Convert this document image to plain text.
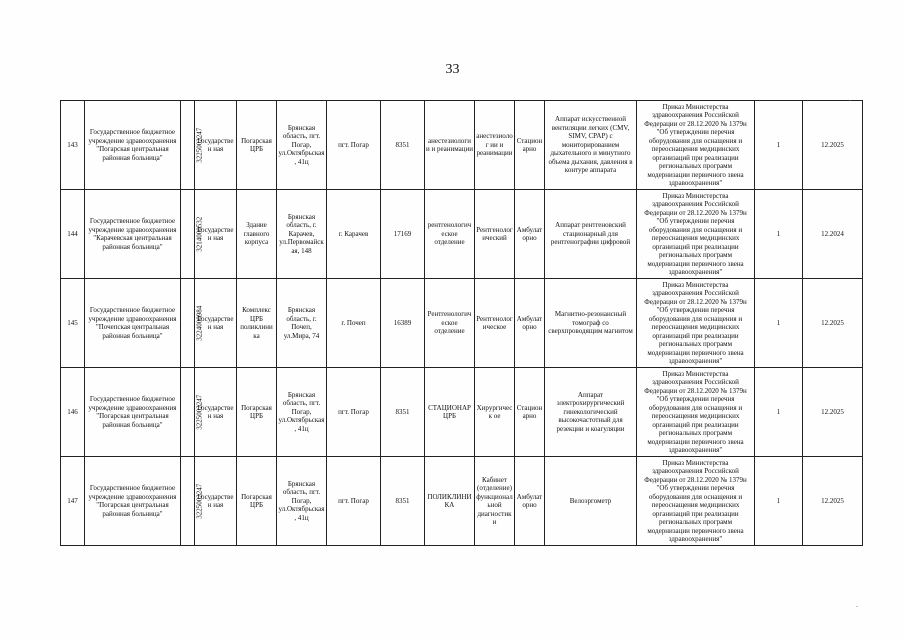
33
143	Государственное бюджетное учреждение здравоохранения "Погарская центральная районная больница"	3225002247	Государствен ная	Погарская ЦРБ	Брянская область, пгт. Погар, ул.Октябрьская , 41ц	пгт. Погар	8351	анестезиологи и и реанимации	анестезиолог ии и реанимации	Стацион арно	Аппарат искусственной вентиляции легких (CMV, SIMV, CPAP) с мониторированием дыхательного и минутного объема дыхания, давления в контуре аппарата	Приказ Министерства здравоохранения Российской Федерации от 28.12.2020 № 1379н "Об утверждении перечня оборудования для оснащения и переоснащения медицинских организаций при реализации региональных программ модернизации первичного звена здравоохранения"	1	12.2025
144	Государственное бюджетное учреждение здравоохранения "Карачевская центральная районная больница"	3214000532	Государствен ная	Здание главного корпуса	Брянская область, г. Карачев, ул.Первомайск ая, 148	г. Карачев	17169	рентгенологич еское отделение	Рентгенолог ический	Амбулат орно	Аппарат рентгеновский стационарный для рентгенографии цифровой	Приказ Министерства здравоохранения Российской Федерации от 28.12.2020 № 1379н "Об утверждении перечня оборудования для оснащения и переоснащения медицинских организаций при реализации региональных программ модернизации первичного звена здравоохранения"	1	12.2024
145	Государственное бюджетное учреждение здравоохранения "Почепская центральная районная больница"	3224000984	Государствен ная	Комплекс ЦРБ поликлини ка	Брянская область, г. Почеп, ул.Мира, 74	г. Почеп	16389	Рентгенологич еское отделение	Рентгенолог ическое	Амбулат орно	Магнитно-резонансный томограф со сверхпроводящим магнитом	Приказ Министерства здравоохранения Российской Федерации от 28.12.2020 № 1379н "Об утверждении перечня оборудования для оснащения и переоснащения медицинских организаций при реализации региональных программ модернизации первичного звена здравоохранения"	1	12.2025
146	Государственное бюджетное учреждение здравоохранения "Погарская центральная районная больница"	3225002247	Государствен ная	Погарская ЦРБ	Брянская область, пгт. Погар, ул.Октябрьская , 41ц	пгт. Погар	8351	СТАЦИОНАР ЦРБ	Хирургическ ое	Стацион арно	Аппарат электрохирургический гинекологический высокочастотный для резекции и коагуляции	Приказ Министерства здравоохранения Российской Федерации от 28.12.2020 № 1379н "Об утверждении перечня оборудования для оснащения и переоснащения медицинских организаций при реализации региональных программ модернизации первичного звена здравоохранения"	1	12.2025
147	Государственное бюджетное учреждение здравоохранения "Погарская центральная районная больница"	3225002247	Государствен ная	Погарская ЦРБ	Брянская область, пгт. Погар, ул.Октябрьская , 41ц	пгт. Погар	8351	ПОЛИКЛИНИ КА	Кабинет (отделение) функционал ьной диагностики	Амбулат орно	Велоэргометр	Приказ Министерства здравоохранения Российской Федерации от 28.12.2020 № 1379н "Об утверждении перечня оборудования для оснащения и переоснащения медицинских организаций при реализации региональных программ модернизации первичного звена здравоохранения"	1	12.2025
.
.
